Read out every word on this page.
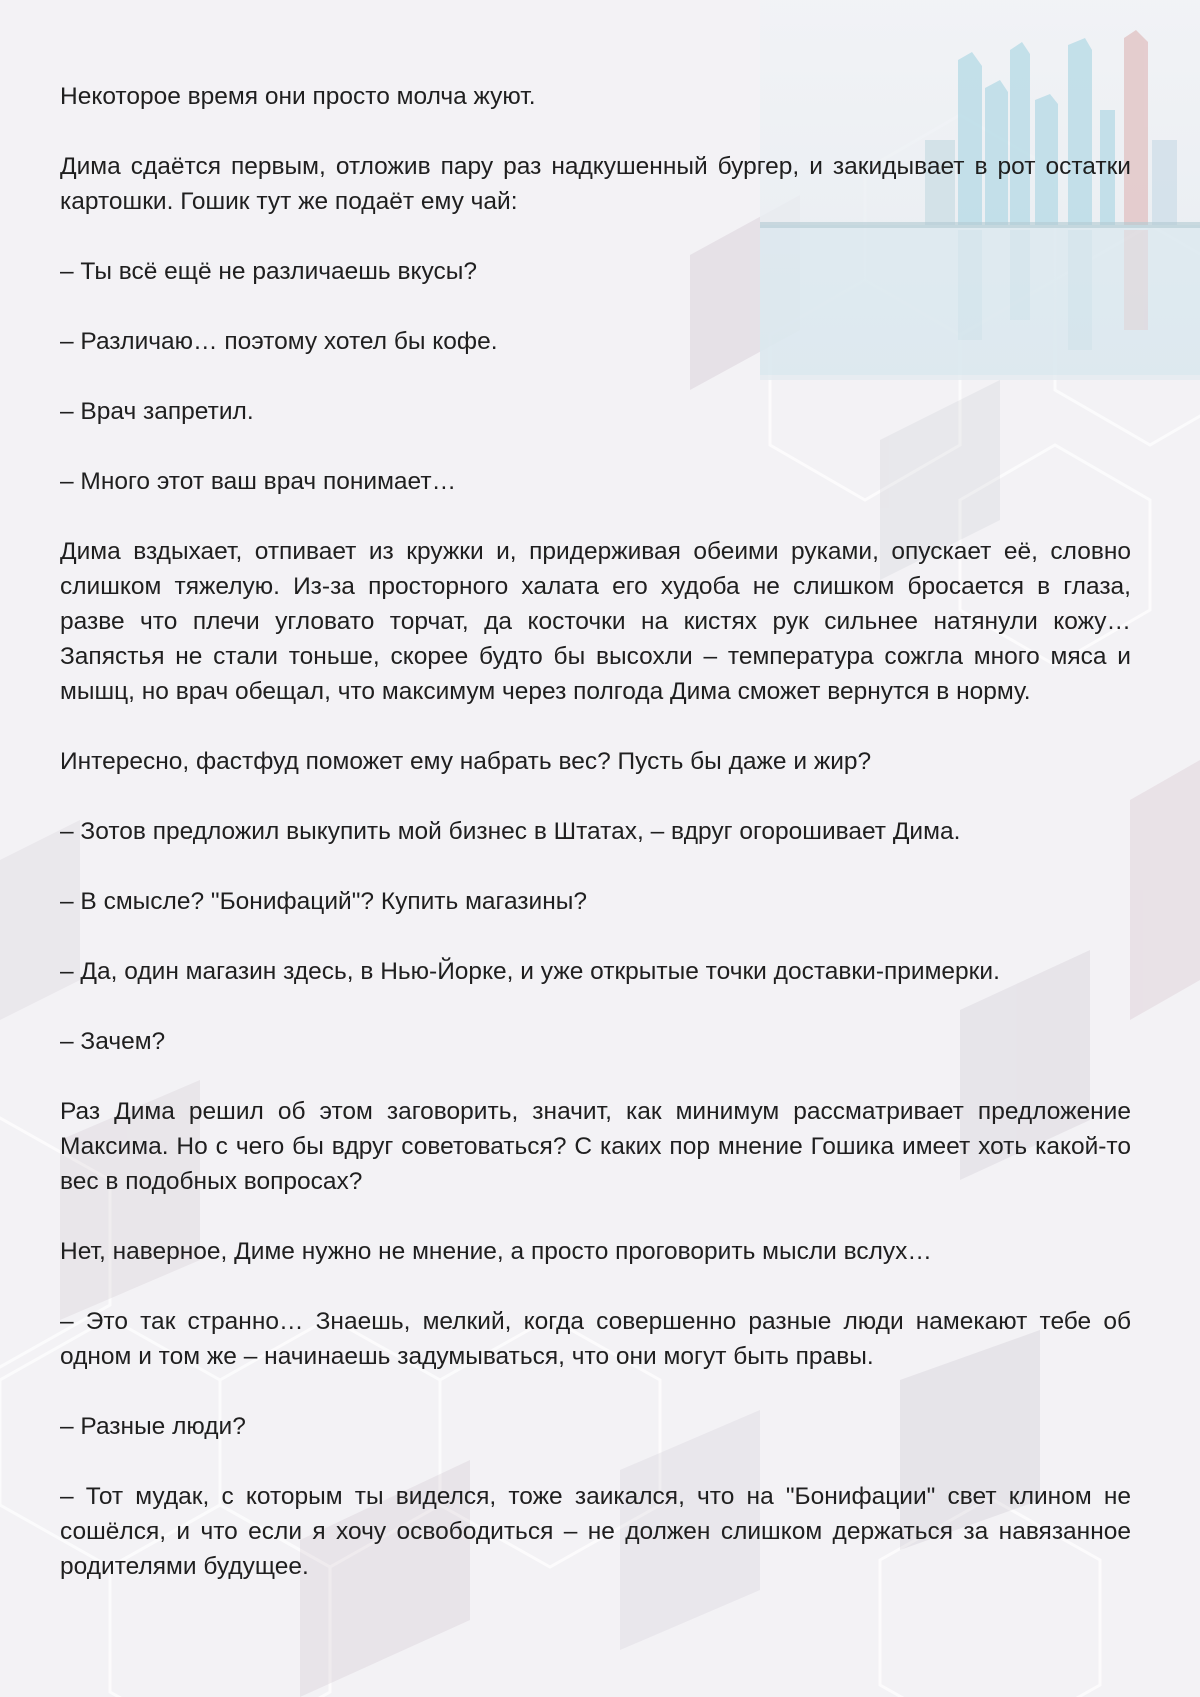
Некоторое время они просто молча жуют.

Дима сдаётся первым, отложив пару раз надкушенный бургер, и закидывает в рот остатки картошки. Гошик тут же подаёт ему чай:

– Ты всё ещё не различаешь вкусы?

– Различаю… поэтому хотел бы кофе.

– Врач запретил.

– Много этот ваш врач понимает…

Дима вздыхает, отпивает из кружки и, придерживая обеими руками, опускает её, словно слишком тяжелую. Из-за просторного халата его худоба не слишком бросается в глаза, разве что плечи угловато торчат, да косточки на кистях рук сильнее натянули кожу…Запястья не стали тоньше, скорее будто бы высохли – температура сожгла много мяса и мышц, но врач обещал, что максимум через полгода Дима сможет вернутся в норму.

Интересно, фастфуд поможет ему набрать вес? Пусть бы даже и жир?

– Зотов предложил выкупить мой бизнес в Штатах, – вдруг огорошивает Дима.

– В смысле? "Бонифаций"? Купить магазины?

– Да, один магазин здесь, в Нью-Йорке, и уже открытые точки доставки-примерки.

– Зачем?

Раз Дима решил об этом заговорить, значит, как минимум рассматривает предложение Максима. Но с чего бы вдруг советоваться? С каких пор мнение Гошика имеет хоть какой-то вес в подобных вопросах?

Нет, наверное, Диме нужно не мнение, а просто проговорить мысли вслух…

– Это так странно… Знаешь, мелкий, когда совершенно разные люди намекают тебе об одном и том же – начинаешь задумываться, что они могут быть правы.

– Разные люди?

– Тот мудак, с которым ты виделся, тоже заикался, что на "Бонифации" свет клином не сошёлся, и что если я хочу освободиться – не должен слишком держаться за навязанное родителями будущее.
